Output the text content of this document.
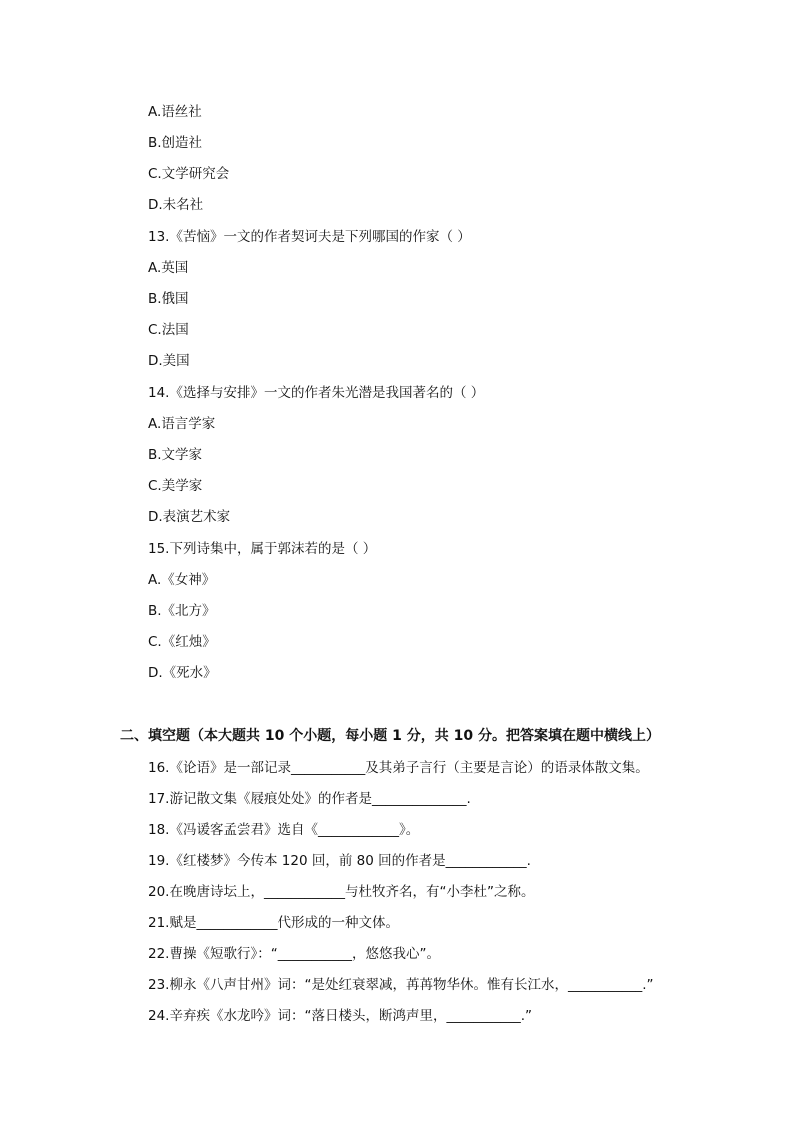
A.语丝社
B.创造社
C.文学研究会
D.未名社
13.《苦恼》一文的作者契诃夫是下列哪国的作家（ ）
A.英国
B.俄国
C.法国
D.美国
14.《选择与安排》一文的作者朱光潜是我国著名的（ ）
A.语言学家
B.文学家
C.美学家
D.表演艺术家
15.下列诗集中，属于郭沫若的是（ ）
A.《女神》
B.《北方》
C.《红烛》
D.《死水》
二、填空题（本大题共 10 个小题，每小题 1 分，共 10 分。把答案填在题中横线上）
16.《论语》是一部记录___________及其弟子言行（主要是言论）的语录体散文集。
17.游记散文集《屐痕处处》的作者是______________.
18.《冯谖客孟尝君》选自《____________》。
19.《红楼梦》今传本 120 回，前 80 回的作者是____________.
20.在晚唐诗坛上，____________与杜牧齐名，有“小李杜”之称。
21.赋是____________代形成的一种文体。
22.曹操《短歌行》：“___________，悠悠我心”。
23.柳永《八声甘州》词：“是处红衰翠减，苒苒物华休。惟有长江水，___________.”
24.辛弃疾《水龙吟》词：“落日楼头，断鸿声里，___________.”
